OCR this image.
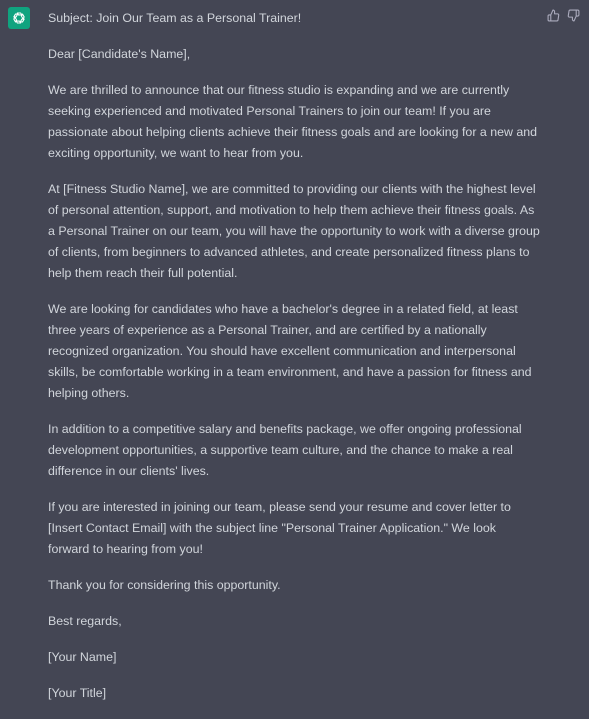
Subject: Join Our Team as a Personal Trainer!

Dear [Candidate's Name],

We are thrilled to announce that our fitness studio is expanding and we are currently seeking experienced and motivated Personal Trainers to join our team! If you are passionate about helping clients achieve their fitness goals and are looking for a new and exciting opportunity, we want to hear from you.

At [Fitness Studio Name], we are committed to providing our clients with the highest level of personal attention, support, and motivation to help them achieve their fitness goals. As a Personal Trainer on our team, you will have the opportunity to work with a diverse group of clients, from beginners to advanced athletes, and create personalized fitness plans to help them reach their full potential.

We are looking for candidates who have a bachelor's degree in a related field, at least three years of experience as a Personal Trainer, and are certified by a nationally recognized organization. You should have excellent communication and interpersonal skills, be comfortable working in a team environment, and have a passion for fitness and helping others.

In addition to a competitive salary and benefits package, we offer ongoing professional development opportunities, a supportive team culture, and the chance to make a real difference in our clients' lives.

If you are interested in joining our team, please send your resume and cover letter to [Insert Contact Email] with the subject line "Personal Trainer Application." We look forward to hearing from you!

Thank you for considering this opportunity.

Best regards,

[Your Name]

[Your Title]
